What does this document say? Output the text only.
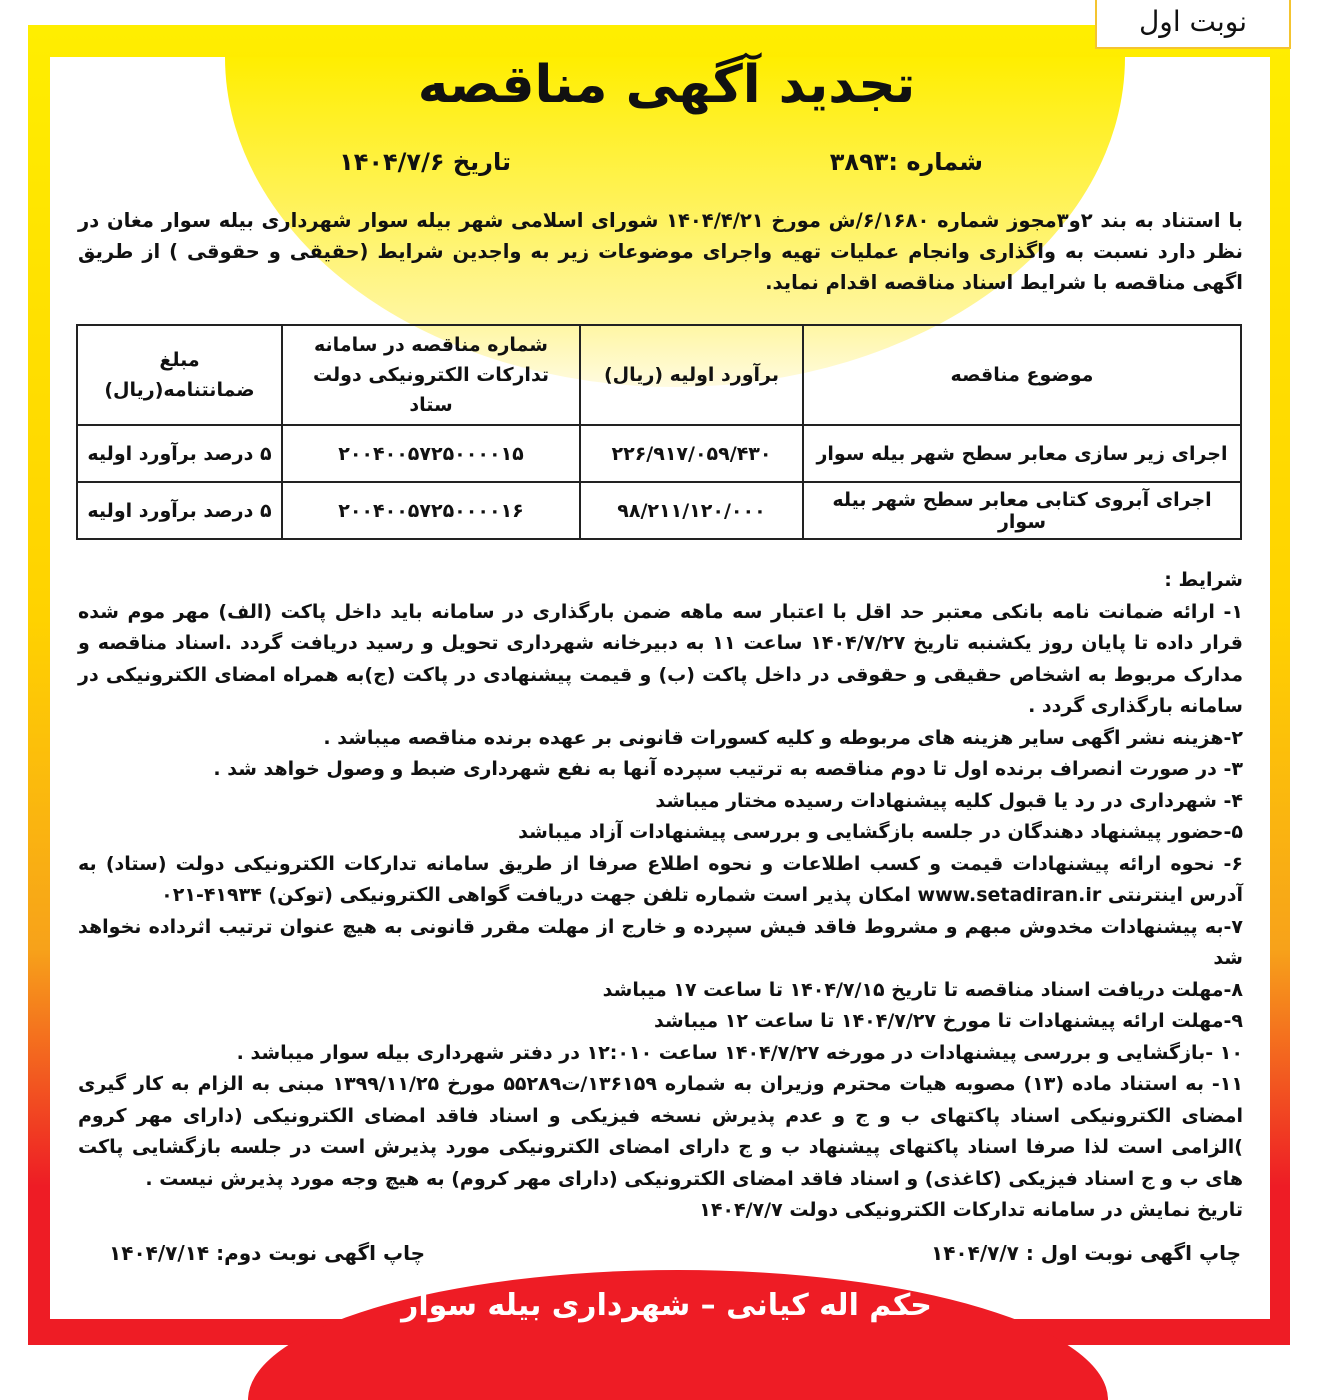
تجدید آگهی مناقصه
نوبت اول
شماره :۳۸۹۳
تاریخ ۱۴۰۴/۷/۶
با استناد به بند ۲و۳مجوز شماره ۶/۱۶۸۰/ش مورخ ۱۴۰۴/۴/۲۱ شورای اسلامی شهر بیله سوار شهرداری بیله سوار مغان در نظر دارد نسبت به واگذاری وانجام عملیات تهیه واجرای موضوعات زیر به واجدین شرایط (حقیقی و حقوقی ) از طریق اگهی مناقصه با شرایط اسناد مناقصه اقدام نماید.
موضوع مناقصه	برآورد اولیه (ریال)	شماره مناقصه در سامانه تدارکات الکترونیکی دولت ستاد	مبلغ ضمانتنامه(ریال)
اجرای زیر سازی معابر سطح شهر بیله سوار	۲۲۶/۹۱۷/۰۵۹/۴۳۰	۲۰۰۴۰۰۵۷۲۵۰۰۰۰۱۵	۵ درصد برآورد اولیه
اجرای آبروی کتابی معابر سطح شهر بیله سوار	۹۸/۲۱۱/۱۲۰/۰۰۰	۲۰۰۴۰۰۵۷۲۵۰۰۰۰۱۶	۵ درصد برآورد اولیه

شرایط :

۱- ارائه ضمانت نامه بانکی معتبر حد اقل با اعتبار سه ماهه ضمن بارگذاری در سامانه باید داخل پاکت (الف) مهر موم شده قرار داده تا پایان روز یکشنبه تاریخ ۱۴۰۴/۷/۲۷ ساعت ۱۱ به دبیرخانه شهرداری تحویل و رسید دریافت گردد .اسناد مناقصه و مدارک مربوط به اشخاص حقیقی و حقوقی در داخل پاکت (ب) و قیمت پیشنهادی در پاکت (ج)به همراه امضای الکترونیکی در سامانه بارگذاری گردد .

۲-هزینه نشر اگهی سایر هزینه های مربوطه و کلیه کسورات قانونی بر عهده برنده مناقصه میباشد .

۳- در صورت انصراف برنده اول تا دوم مناقصه به ترتیب سپرده آنها به نفع شهرداری ضبط و وصول خواهد شد .

۴- شهرداری در رد یا قبول کلیه پیشنهادات رسیده مختار میباشد

۵-حضور پیشنهاد دهندگان در جلسه بازگشایی و بررسی پیشنهادات آزاد میباشد

۶- نحوه ارائه پیشنهادات قیمت و کسب اطلاعات و نحوه اطلاع صرفا از طریق سامانه تدارکات الکترونیکی دولت (ستاد) به آدرس اینترنتی www.setadiran.ir امکان پذیر است شماره تلفن جهت دریافت گواهی الکترونیکی (توکن) ۴۱۹۳۴-۰۲۱

۷-به پیشنهادات مخدوش مبهم و مشروط فاقد فیش سپرده و خارج از مهلت مقرر قانونی به هیچ عنوان ترتیب اثرداده نخواهد شد

۸-مهلت دریافت اسناد مناقصه تا تاریخ ۱۴۰۴/۷/۱۵ تا ساعت ۱۷ میباشد

۹-مهلت ارائه پیشنهادات تا مورخ ۱۴۰۴/۷/۲۷ تا ساعت ۱۲ میباشد

۱۰ -بازگشایی و بررسی پیشنهادات در مورخه ۱۴۰۴/۷/۲۷ ساعت ۱۲:۰۱۰ در دفتر شهرداری بیله سوار میباشد .

۱۱- به استناد ماده (۱۳) مصوبه هیات محترم وزیران به شماره ۱۳۶۱۵۹/ت۵۵۲۸۹ مورخ ۱۳۹۹/۱۱/۲۵ مبنی به الزام به کار گیری امضای الکترونیکی اسناد پاکتهای ب و ج و عدم پذیرش نسخه فیزیکی و اسناد فاقد امضای الکترونیکی (دارای مهر کروم )الزامی است لذا صرفا اسناد پاکتهای پیشنهاد ب و ج دارای امضای الکترونیکی مورد پذیرش است در جلسه بازگشایی پاکت های ب و ج اسناد فیزیکی (کاغذی) و اسناد فاقد امضای الکترونیکی (دارای مهر کروم) به هیچ وجه مورد پذیرش نیست .

تاریخ نمایش در سامانه تدارکات الکترونیکی دولت ۱۴۰۴/۷/۷

چاپ اگهی نوبت اول : ۱۴۰۴/۷/۷
چاپ اگهی نوبت دوم: ۱۴۰۴/۷/۱۴
حکم اله کیانی – شهرداری بیله سوار
